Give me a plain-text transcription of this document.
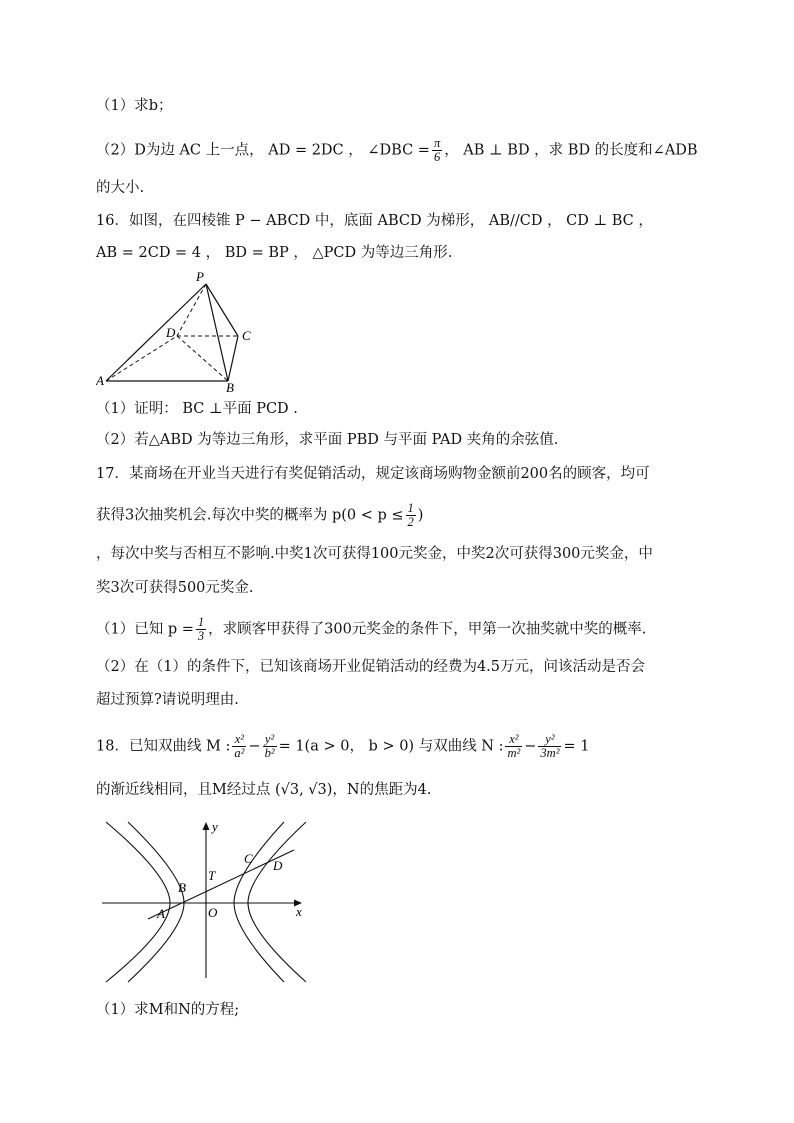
（1）求b；
（2）D为边 AC 上一点， AD = 2DC ， ∠DBC = $\frac{\pi}{6}$ ， AB ⊥ BD ，求 BD 的长度和∠ADB
的大小.
16．如图，在四棱锥 P − ABCD 中，底面 ABCD 为梯形， AB//CD ， CD ⊥ BC ，
AB = 2CD = 4 ， BD = BP ， △PCD 为等边三角形.
P
D	C
A	B
（1）证明： BC ⊥平面 PCD .
（2）若△ABD 为等边三角形，求平面 PBD 与平面 PAD 夹角的余弦值.
17．某商场在开业当天进行有奖促销活动，规定该商场购物金额前200名的顾客，均可
获得3次抽奖机会.每次中奖的概率为 $p(0 < p \le \frac{1}{2}$ )
，每次中奖与否相互不影响.中奖1次可获得100元奖金，中奖2次可获得300元奖金，中
奖3次可获得500元奖金.
（1）已知 $p = \frac{1}{3}$ ，求顾客甲获得了300元奖金的条件下，甲第一次抽奖就中奖的概率.
（2）在（1）的条件下，已知该商场开业促销活动的经费为4.5万元，问该活动是否会
超过预算?请说明理由.
18．已知双曲线 M : $\frac{\text{x²}}{\text{a²}} - \frac{\text{y²}}{\text{b²}} = 1(a > 0$， b > 0) 与双曲线 N : $\frac{\text{x²}}{\text{m²}} - \frac{\text{y²}}{\text{3m²}} = 1$
的渐近线相同，且M经过点 (√3, √3)，N的焦距为4.
y
x
O
A
B
C D
T
（1）求M和N的方程;
